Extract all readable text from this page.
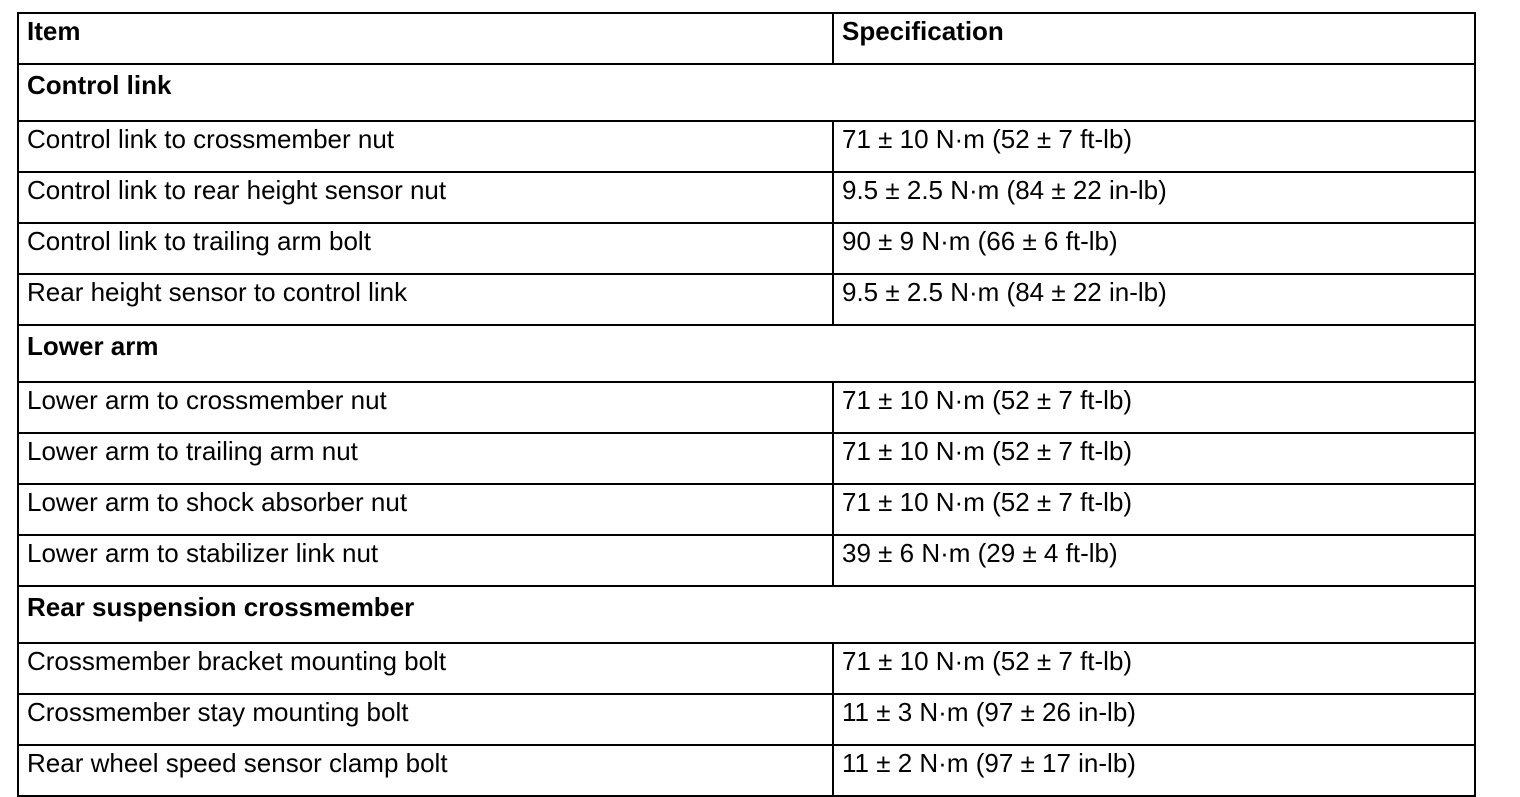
Item	Specification
Control link	
Control link to crossmember nut	71 ± 10 N·m (52 ± 7 ft-lb)
Control link to rear height sensor nut	9.5 ± 2.5 N·m (84 ± 22 in-lb)
Control link to trailing arm bolt	90 ± 9 N·m (66 ± 6 ft-lb)
Rear height sensor to control link	9.5 ± 2.5 N·m (84 ± 22 in-lb)
Lower arm	
Lower arm to crossmember nut	71 ± 10 N·m (52 ± 7 ft-lb)
Lower arm to trailing arm nut	71 ± 10 N·m (52 ± 7 ft-lb)
Lower arm to shock absorber nut	71 ± 10 N·m (52 ± 7 ft-lb)
Lower arm to stabilizer link nut	39 ± 6 N·m (29 ± 4 ft-lb)
Rear suspension crossmember	
Crossmember bracket mounting bolt	71 ± 10 N·m (52 ± 7 ft-lb)
Crossmember stay mounting bolt	11 ± 3 N·m (97 ± 26 in-lb)
Rear wheel speed sensor clamp bolt	11 ± 2 N·m (97 ± 17 in-lb)
